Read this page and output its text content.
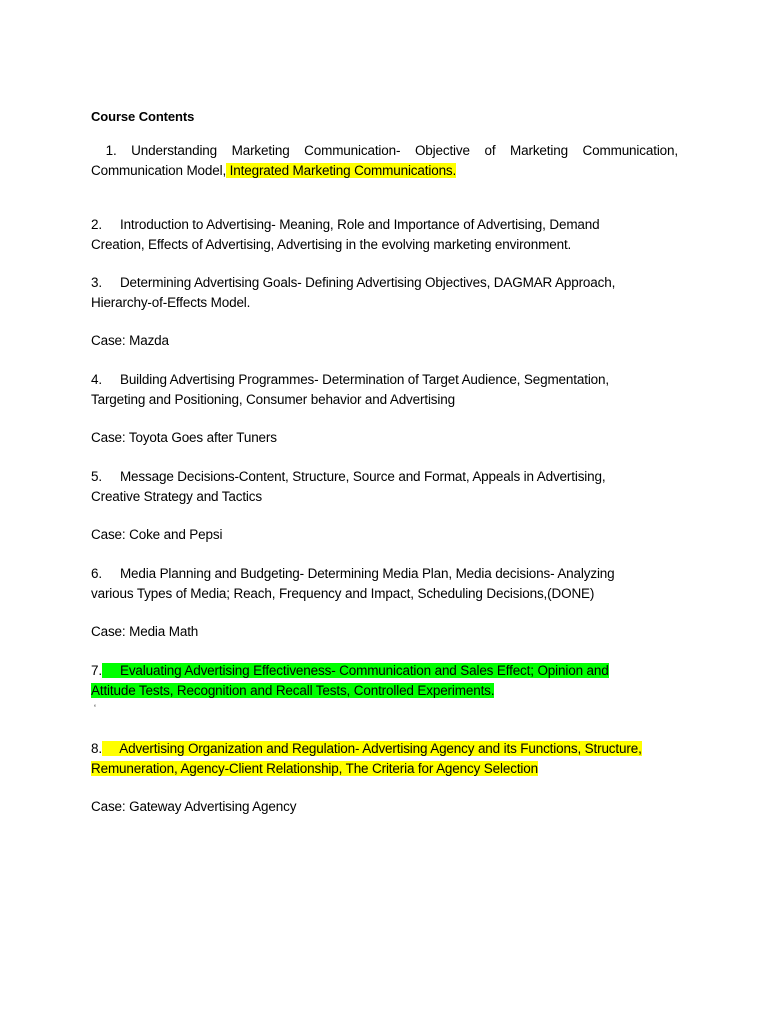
Course Contents
1. Understanding Marketing Communication- Objective of Marketing Communication,
Communication Model, Integrated Marketing Communications.
2.     Introduction to Advertising- Meaning, Role and Importance of Advertising, Demand
Creation, Effects of Advertising, Advertising in the evolving marketing environment.
3.     Determining Advertising Goals- Defining Advertising Objectives, DAGMAR Approach,
Hierarchy-of-Effects Model.
Case: Mazda
4.     Building Advertising Programmes- Determination of Target Audience, Segmentation,
Targeting and Positioning, Consumer behavior and Advertising
Case: Toyota Goes after Tuners
5.     Message Decisions-Content, Structure, Source and Format, Appeals in Advertising,
Creative Strategy and Tactics
Case: Coke and Pepsi
6.     Media Planning and Budgeting- Determining Media Plan, Media decisions- Analyzing
various Types of Media; Reach, Frequency and Impact, Scheduling Decisions,(DONE)
Case: Media Math
7.     Evaluating Advertising Effectiveness- Communication and Sales Effect; Opinion and
Attitude Tests, Recognition and Recall Tests, Controlled Experiments.
‘
8.     Advertising Organization and Regulation- Advertising Agency and its Functions, Structure,
Remuneration, Agency-Client Relationship, The Criteria for Agency Selection
Case: Gateway Advertising Agency
